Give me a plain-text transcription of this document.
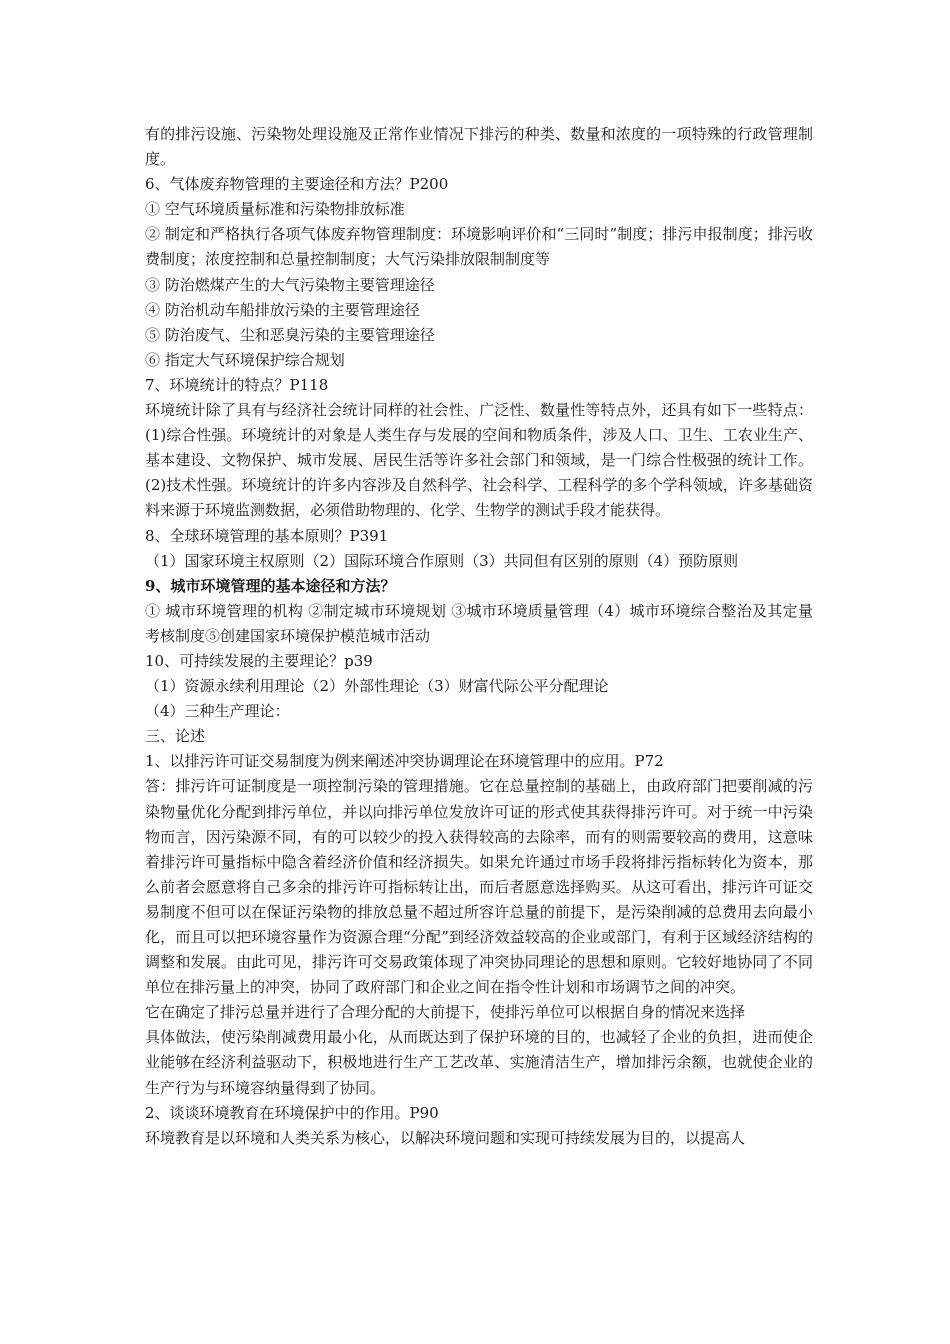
有的排污设施、污染物处理设施及正常作业情况下排污的种类、数量和浓度的一项特殊的行政管理制度。

6、气体废弃物管理的主要途径和方法？P200

① 空气环境质量标准和污染物排放标准

② 制定和严格执行各项气体废弃物管理制度：环境影响评价和“三同时”制度；排污申报制度；排污收费制度；浓度控制和总量控制制度；大气污染排放限制制度等

③ 防治燃煤产生的大气污染物主要管理途径

④ 防治机动车船排放污染的主要管理途径

⑤ 防治废气、尘和恶臭污染的主要管理途径

⑥ 指定大气环境保护综合规划

7、环境统计的特点？P118

环境统计除了具有与经济社会统计同样的社会性、广泛性、数量性等特点外，还具有如下一些特点：(1)综合性强。环境统计的对象是人类生存与发展的空间和物质条件，涉及人口、卫生、工农业生产、基本建设、文物保护、城市发展、居民生活等许多社会部门和领域，是一门综合性极强的统计工作。(2)技术性强。环境统计的许多内容涉及自然科学、社会科学、工程科学的多个学科领域，许多基础资料来源于环境监测数据，必须借助物理的、化学、生物学的测试手段才能获得。

8、全球环境管理的基本原则？P391

（1）国家环境主权原则（2）国际环境合作原则（3）共同但有区别的原则（4）预防原则

9、城市环境管理的基本途径和方法？

① 城市环境管理的机构 ②制定城市环境规划 ③城市环境质量管理（4）城市环境综合整治及其定量考核制度⑤创建国家环境保护模范城市活动

10、可持续发展的主要理论？p39

（1）资源永续利用理论（2）外部性理论（3）财富代际公平分配理论

（4）三种生产理论：

三、论述

1、以排污许可证交易制度为例来阐述冲突协调理论在环境管理中的应用。P72

答：排污许可证制度是一项控制污染的管理措施。它在总量控制的基础上，由政府部门把要削减的污染物量优化分配到排污单位，并以向排污单位发放许可证的形式使其获得排污许可。对于统一中污染物而言，因污染源不同，有的可以较少的投入获得较高的去除率，而有的则需要较高的费用，这意味着排污许可量指标中隐含着经济价值和经济损失。如果允许通过市场手段将排污指标转化为资本，那么前者会愿意将自己多余的排污许可指标转让出，而后者愿意选择购买。从这可看出，排污许可证交易制度不但可以在保证污染物的排放总量不超过所容许总量的前提下，是污染削减的总费用去向最小化，而且可以把环境容量作为资源合理“分配”到经济效益较高的企业或部门，有利于区域经济结构的调整和发展。由此可见，排污许可交易政策体现了冲突协同理论的思想和原则。它较好地协同了不同单位在排污量上的冲突，协同了政府部门和企业之间在指令性计划和市场调节之间的冲突。

它在确定了排污总量并进行了合理分配的大前提下，使排污单位可以根据自身的情况来选择

具体做法，使污染削减费用最小化，从而既达到了保护环境的目的，也减轻了企业的负担，进而使企业能够在经济利益驱动下，积极地进行生产工艺改革、实施清洁生产，增加排污余额，也就使企业的生产行为与环境容纳量得到了协同。

2、谈谈环境教育在环境保护中的作用。P90

环境教育是以环境和人类关系为核心，以解决环境问题和实现可持续发展为目的，以提高人
